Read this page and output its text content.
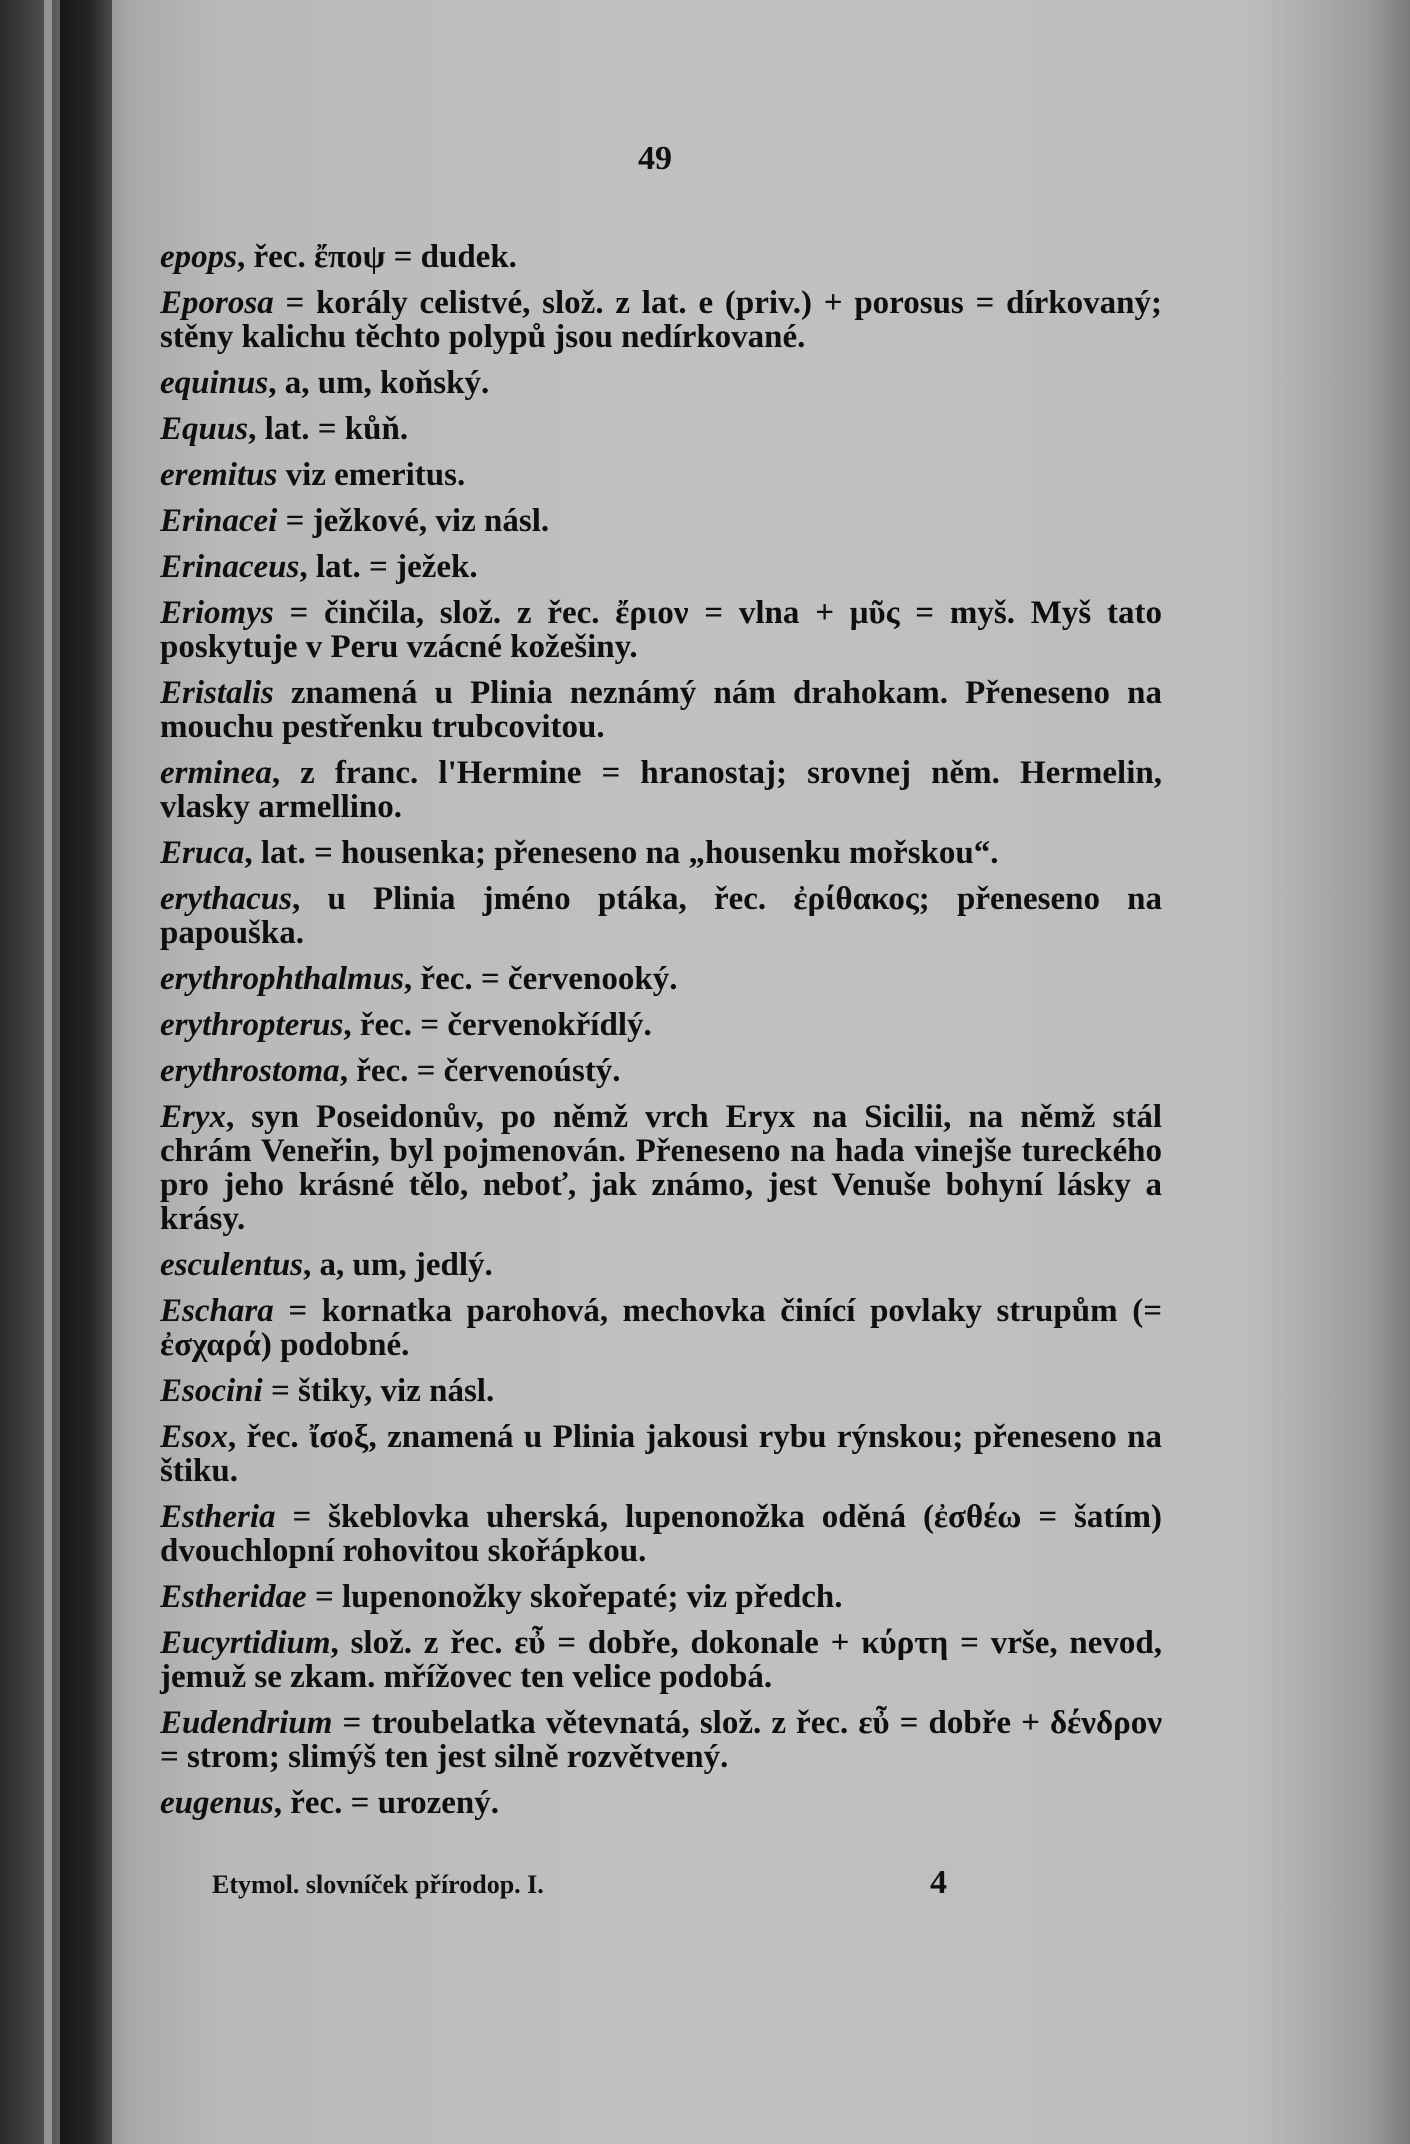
49

epops, řec. ἔποψ = dudek.

Eporosa = korály celistvé, slož. z lat. e (priv.) + porosus = dírkovaný; stěny kalichu těchto polypů jsou nedírkované.

equinus, a, um, koňský.

Equus, lat. = kůň.

eremitus viz emeritus.

Erinacei = ježkové, viz násl.

Erinaceus, lat. = ježek.

Eriomys = činčila, slož. z řec. ἔριον = vlna + μῦς = myš. Myš tato poskytuje v Peru vzácné kožešiny.

Eristalis znamená u Plinia neznámý nám drahokam. Přeneseno na mouchu pestřenku trubcovitou.

erminea, z franc. l'Hermine = hranostaj; srovnej něm. Hermelin, vlasky armellino.

Eruca, lat. = housenka; přeneseno na „housenku mořskou“.

erythacus, u Plinia jméno ptáka, řec. ἐρίθακος; přeneseno na papouška.

erythrophthalmus, řec. = červenooký.

erythropterus, řec. = červenokřídlý.

erythrostoma, řec. = červenoústý.

Eryx, syn Poseidonův, po němž vrch Eryx na Sicilii, na němž stál chrám Veneřin, byl pojmenován. Přeneseno na hada vinejše tureckého pro jeho krásné tělo, neboť, jak známo, jest Venuše bohyní lásky a krásy.

esculentus, a, um, jedlý.

Eschara = kornatka parohová, mechovka činící povlaky strupům (= ἐσχαρά) podobné.

Esocini = štiky, viz násl.

Esox, řec. ἴσοξ, znamená u Plinia jakousi rybu rýnskou; přeneseno na štiku.

Estheria = škeblovka uherská, lupenonožka oděná (ἐσθέω = šatím) dvouchlopní rohovitou skořápkou.

Estheridae = lupenonožky skořepaté; viz předch.

Eucyrtidium, slož. z řec. εὖ = dobře, dokonale + κύρτη = vrše, nevod, jemuž se zkam. mřížovec ten velice podobá.

Eudendrium = troubelatka větevnatá, slož. z řec. εὖ = dobře + δένδρον = strom; slimýš ten jest silně rozvětvený.

eugenus, řec. = urozený.

Etymol. slovníček přírodop. I.	4
